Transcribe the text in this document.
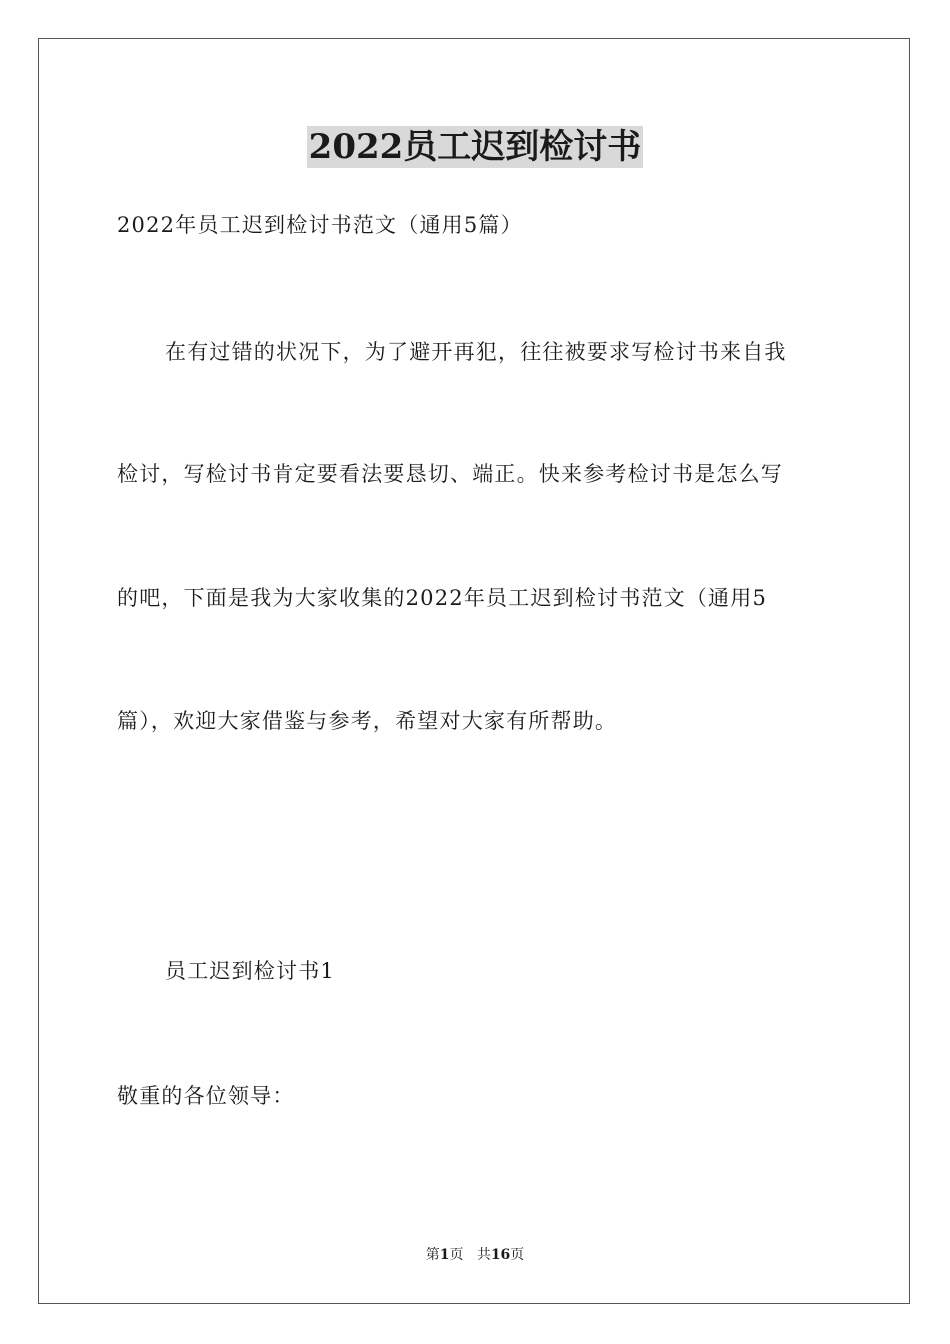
2022员工迟到检讨书
2022年员工迟到检讨书范文（通用5篇）
在有过错的状况下，为了避开再犯，往往被要求写检讨书来自我
检讨，写检讨书肯定要看法要恳切、端正。快来参考检讨书是怎么写
的吧，下面是我为大家收集的2022年员工迟到检讨书范文（通用5
篇），欢迎大家借鉴与参考，希望对大家有所帮助。
员工迟到检讨书1
敬重的各位领导：
第1页 共16页
